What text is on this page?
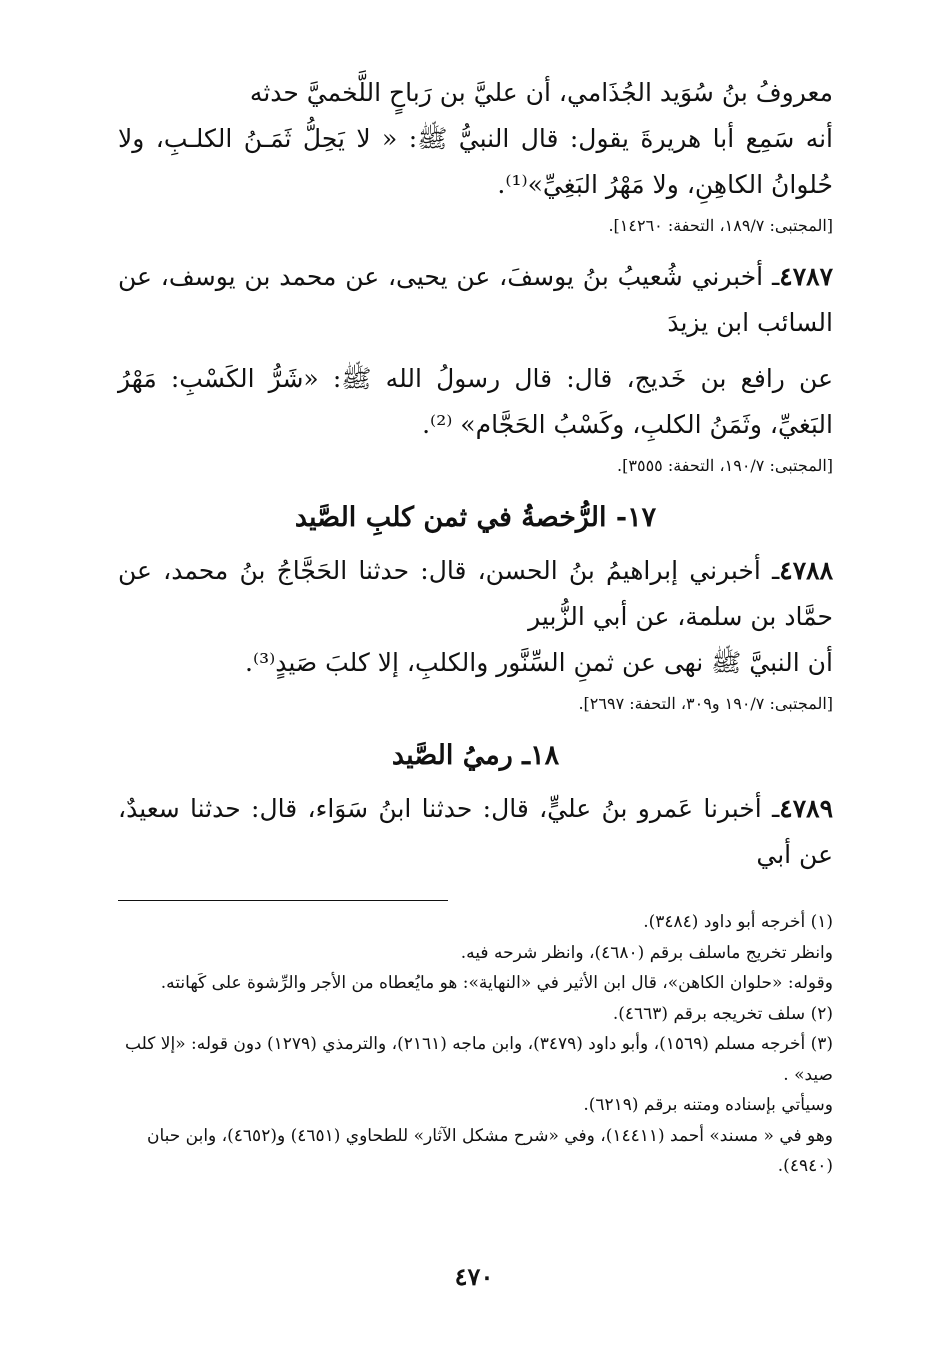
معروفُ بنُ سُوَيد الجُذَامي، أن عليَّ بن رَباحٍ اللَّخميَّ حدثه

أنه سَمِع أبا هريرةَ يقول: قال النبيُّ ﷺ: « لا يَحِلُّ ثَمَـنُ الكلـبِ، ولا حُلوانُ الكاهِنِ، ولا مَهْرُ البَغِيِّ»⁽¹⁾.

[المجتبى: ١٨٩/٧، التحفة: ١٤٢٦٠].

٤٧٨٧ـ أخبرني شُعيبُ بنُ يوسفَ، عن يحيى، عن محمد بن يوسف، عن السائب ابن يزيدَ

عن رافع بن خَديج، قال: قال رسولُ الله ﷺ: «شَرُّ الكَسْبِ: مَهْرُ البَغيِّ، وثَمَنُ الكلبِ، وكَسْبُ الحَجَّام» ⁽²⁾.

[المجتبى: ١٩٠/٧، التحفة: ٣٥٥٥].

١٧- الرُّخصةُ في ثمن كلبِ الصَّيد

٤٧٨٨ـ أخبرني إبراهيمُ بنُ الحسن، قال: حدثنا الحَجَّاجُ بنُ محمد، عن حمَّاد بن سلمة، عن أبي الزُّبير

أن النبيَّ ﷺ نهى عن ثمنِ السِّنَّور والكلبِ، إلا كلبَ صَيدٍ⁽³⁾.

[المجتبى: ١٩٠/٧ و٣٠٩، التحفة: ٢٦٩٧].

١٨ـ رميُ الصَّيد

٤٧٨٩ـ أخبرنا عَمرو بنُ عليٍّ، قال: حدثنا ابنُ سَوَاء، قال: حدثنا سعيدٌ، عن أبي

(١) أخرجه أبو داود (٣٤٨٤).
وانظر تخريج ماسلف برقم (٤٦٨٠)، وانظر شرحه فيه.
وقوله: «حلوان الكاهن»، قال ابن الأثير في «النهاية»: هو مايُعطاه من الأجر والرِّشوة على كَهانته.
(٢) سلف تخريجه برقم (٤٦٦٣).
(٣) أخرجه مسلم (١٥٦٩)، وأبو داود (٣٤٧٩)، وابن ماجه (٢١٦١)، والترمذي (١٢٧٩) دون قوله: «إلا كلب صيد» .
وسيأتي بإسناده ومتنه برقم (٦٢١٩).
وهو في « مسند» أحمد (١٤٤١١)، وفي «شرح مشكل الآثار» للطحاوي (٤٦٥١) و(٤٦٥٢)، وابن حبان (٤٩٤٠).
٤٧٠
